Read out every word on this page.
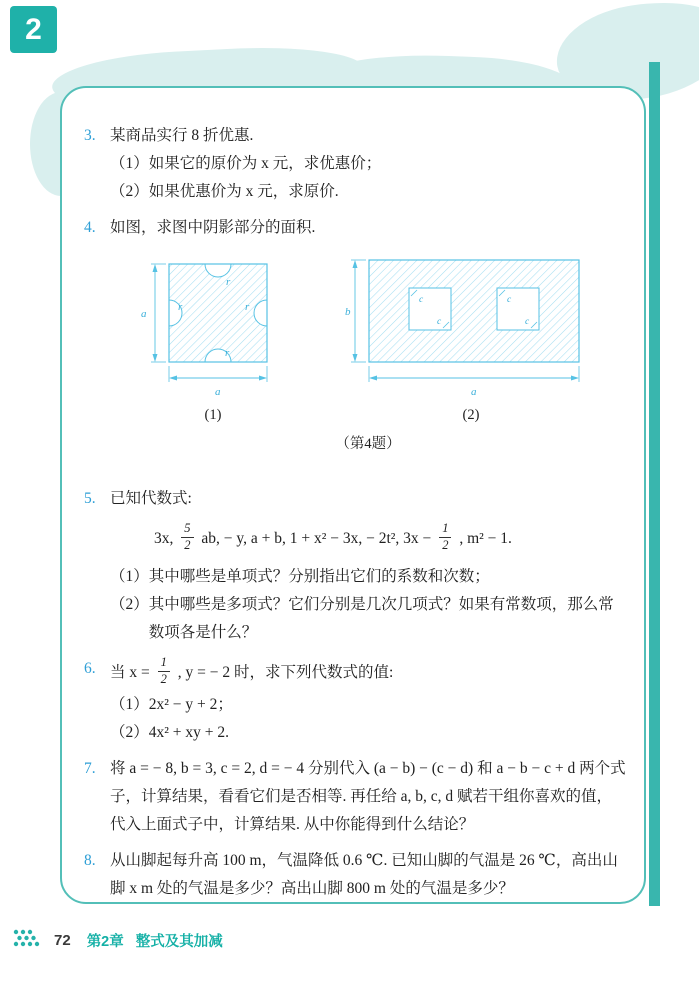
2
3. 某商品实行 8 折优惠.
（1） 如果它的原价为 x 元，求优惠价；
（2） 如果优惠价为 x 元，求原价.
4. 如图，求图中阴影部分的面积.
r
r
r
r
a
a
(1)
c
c
c
c
b
a
(2)
（第4题）
5. 已知代数式:
3x, $\frac{5}{2}$ ab, − y, a + b, 1 + x² − 3x, − 2t², $3x - \frac{1}{2}$ , m² − 1.
（1） 其中哪些是单项式？分别指出它们的系数和次数；
（2） 其中哪些是多项式？它们分别是几次几项式？如果有常数项，那么常数项各是什么？
6. 当 $x = \frac{1}{2}$ , y = − 2 时，求下列代数式的值:
（1） 2x² − y + 2；
（2） 4x² + xy + 2.
7. 将 a = − 8, b = 3, c = 2, d = − 4 分别代入 (a − b) − (c − d) 和 a − b − c + d 两个式子，计算结果，看看它们是否相等. 再任给 a, b, c, d 赋若干组你喜欢的值，代入上面式子中，计算结果. 从中你能得到什么结论？
8. 从山脚起每升高 100 m，气温降低 0.6 ℃. 已知山脚的气温是 26 ℃，高出山脚 x m 处的气温是多少？高出山脚 800 m 处的气温是多少？
72 第2章 整式及其加减
